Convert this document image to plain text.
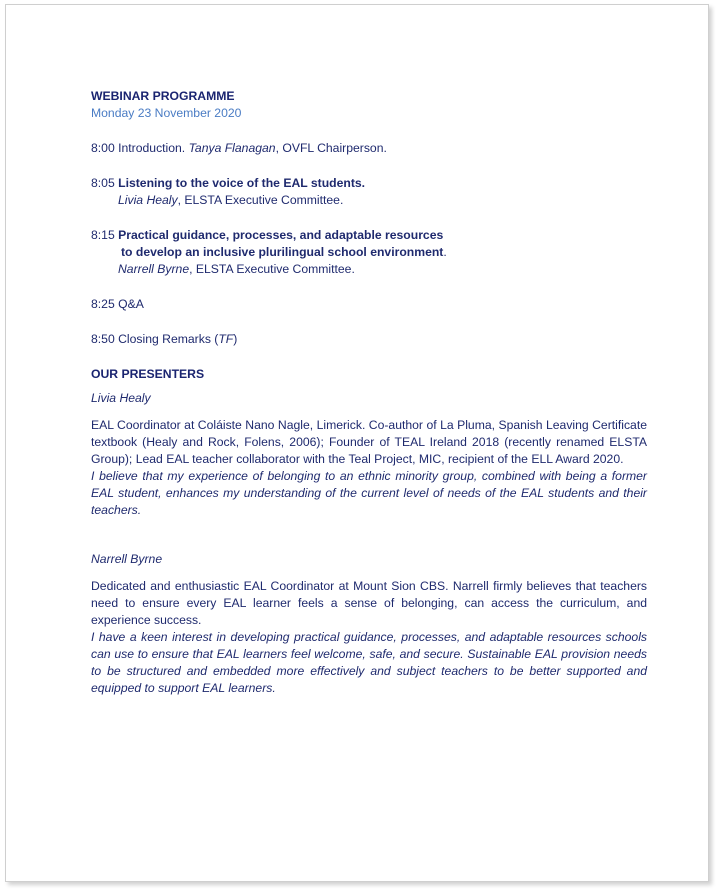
WEBINAR PROGRAMME
Monday 23 November 2020
8:00 Introduction. Tanya Flanagan, OVFL Chairperson.
8:05 Listening to the voice of the EAL students.
Livia Healy, ELSTA Executive Committee.
8:15 Practical guidance, processes, and adaptable resources
to develop an inclusive plurilingual school environment.
Narrell Byrne, ELSTA Executive Committee.
8:25 Q&A
8:50 Closing Remarks (TF)
OUR PRESENTERS
Livia Healy
EAL Coordinator at Coláiste Nano Nagle, Limerick. Co-author of La Pluma, Spanish Leaving Certificate textbook (Healy and Rock, Folens, 2006); Founder of TEAL Ireland 2018 (recently renamed ELSTA Group); Lead EAL teacher collaborator with the Teal Project, MIC, recipient of the ELL Award 2020.
I believe that my experience of belonging to an ethnic minority group, combined with being a former EAL student, enhances my understanding of the current level of needs of the EAL students and their teachers.
Narrell Byrne
Dedicated and enthusiastic EAL Coordinator at Mount Sion CBS. Narrell firmly believes that teachers need to ensure every EAL learner feels a sense of belonging, can access the curriculum, and experience success.
I have a keen interest in developing practical guidance, processes, and adaptable resources schools can use to ensure that EAL learners feel welcome, safe, and secure. Sustainable EAL provision needs to be structured and embedded more effectively and subject teachers to be better supported and equipped to support EAL learners.
